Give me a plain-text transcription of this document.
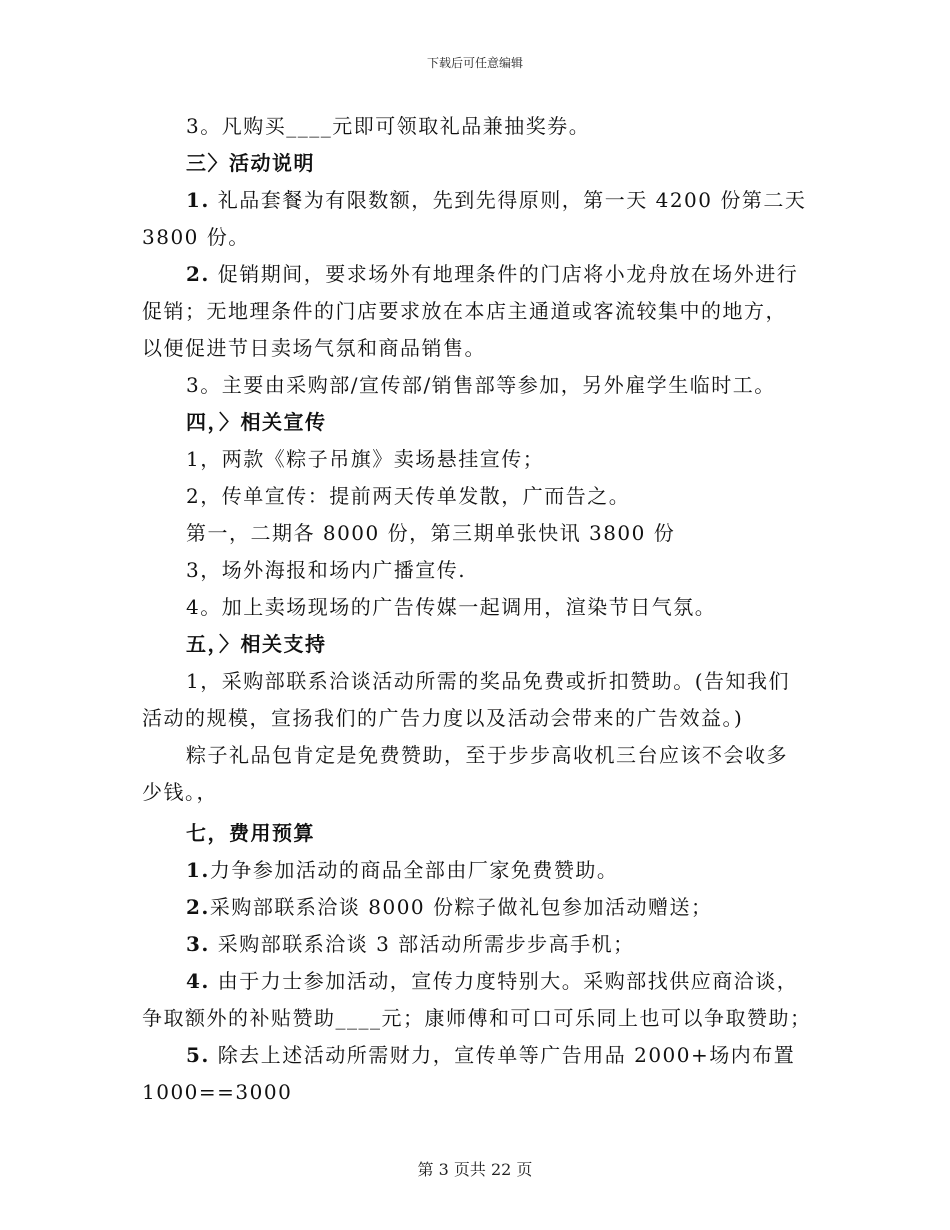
下载后可任意编辑

3。凡购买____元即可领取礼品兼抽奖券。

三〉活动说明

1. 礼品套餐为有限数额，先到先得原则，第一天 4200 份第二天

3800 份。

2. 促销期间，要求场外有地理条件的门店将小龙舟放在场外进行

促销；无地理条件的门店要求放在本店主通道或客流较集中的地方，

以便促进节日卖场气氛和商品销售。

3。主要由采购部/宣传部/销售部等参加，另外雇学生临时工。

四，〉相关宣传

1，两款《粽子吊旗》卖场悬挂宣传；

2，传单宣传：提前两天传单发散，广而告之。

第一，二期各 8000 份，第三期单张快讯 3800 份

3，场外海报和场内广播宣传.

4。加上卖场现场的广告传媒一起调用，渲染节日气氛。

五，〉相关支持

1，采购部联系洽谈活动所需的奖品免费或折扣赞助。(告知我们

活动的规模，宣扬我们的广告力度以及活动会带来的广告效益。)

粽子礼品包肯定是免费赞助，至于步步高收机三台应该不会收多

少钱。，

七，费用预算

1.力争参加活动的商品全部由厂家免费赞助。

2.采购部联系洽谈 8000 份粽子做礼包参加活动赠送；

3. 采购部联系洽谈 3 部活动所需步步高手机；

4. 由于力士参加活动，宣传力度特别大。采购部找供应商洽谈，

争取额外的补贴赞助____元；康师傅和可口可乐同上也可以争取赞助；

5. 除去上述活动所需财力，宣传单等广告用品 2000+场内布置

1000==3000

第 3 页共 22 页
